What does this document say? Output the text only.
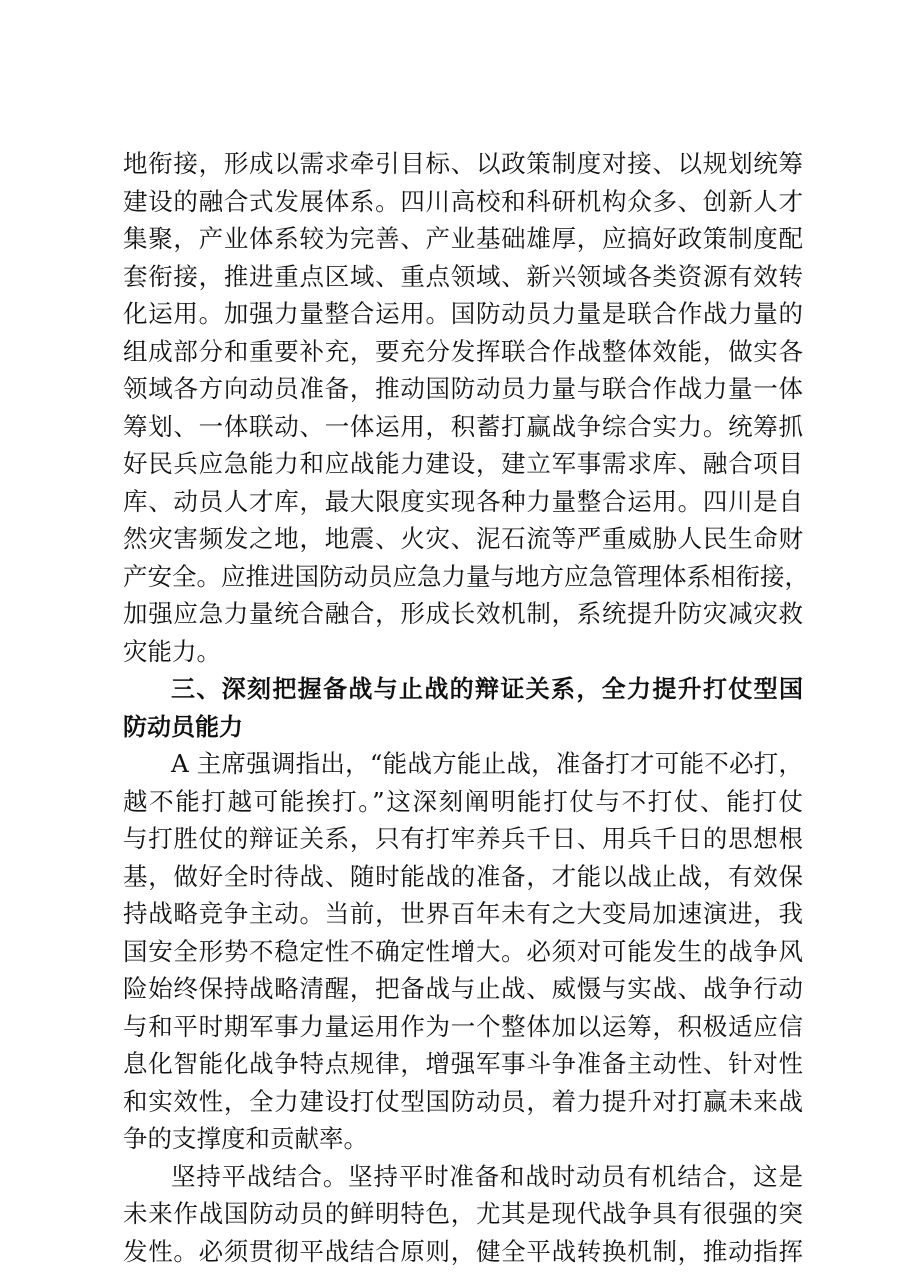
地衔接，形成以需求牵引目标、以政策制度对接、以规划统筹
建设的融合式发展体系。四川高校和科研机构众多、创新人才
集聚，产业体系较为完善、产业基础雄厚，应搞好政策制度配
套衔接，推进重点区域、重点领域、新兴领域各类资源有效转
化运用。加强力量整合运用。国防动员力量是联合作战力量的
组成部分和重要补充，要充分发挥联合作战整体效能，做实各
领域各方向动员准备，推动国防动员力量与联合作战力量一体
筹划、一体联动、一体运用，积蓄打赢战争综合实力。统筹抓
好民兵应急能力和应战能力建设，建立军事需求库、融合项目
库、动员人才库，最大限度实现各种力量整合运用。四川是自
然灾害频发之地，地震、火灾、泥石流等严重威胁人民生命财
产安全。应推进国防动员应急力量与地方应急管理体系相衔接，
加强应急力量统合融合，形成长效机制，系统提升防灾减灾救
灾能力。
三、深刻把握备战与止战的辩证关系，全力提升打仗型国
防动员能力
A 主席强调指出，“能战方能止战，准备打才可能不必打，
越不能打越可能挨打。”这深刻阐明能打仗与不打仗、能打仗
与打胜仗的辩证关系，只有打牢养兵千日、用兵千日的思想根
基，做好全时待战、随时能战的准备，才能以战止战，有效保
持战略竞争主动。当前，世界百年未有之大变局加速演进，我
国安全形势不稳定性不确定性增大。必须对可能发生的战争风
险始终保持战略清醒，把备战与止战、威慑与实战、战争行动
与和平时期军事力量运用作为一个整体加以运筹，积极适应信
息化智能化战争特点规律，增强军事斗争准备主动性、针对性
和实效性，全力建设打仗型国防动员，着力提升对打赢未来战
争的支撑度和贡献率。
坚持平战结合。坚持平时准备和战时动员有机结合，这是
未来作战国防动员的鲜明特色，尤其是现代战争具有很强的突
发性。必须贯彻平战结合原则，健全平战转换机制，推动指挥
